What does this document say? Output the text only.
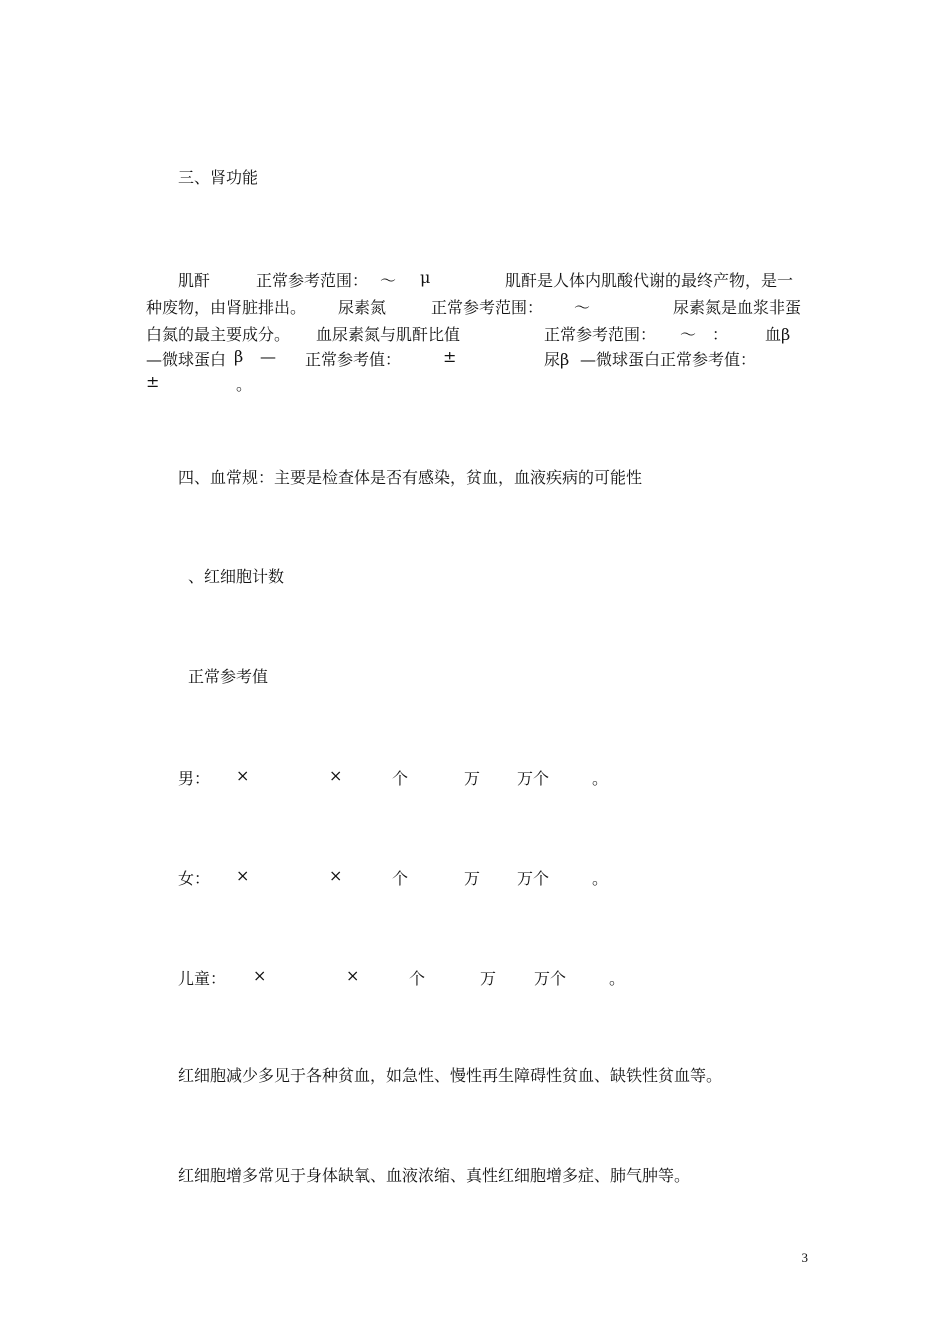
三、肾功能
肌酐	正常参考范围： ～ μ	肌酐是人体内肌酸代谢的最终产物，是一
种废物，由肾脏排出。 尿素氮	正常参考范围： ～	尿素氮是血浆非蛋
白氮的最主要成分。 血尿素氮与肌酐比值	正常参考范围： ～ ： 血β
—微球蛋白 β — 正常参考值：	±	尿β —微球蛋白正常参考值：
±	。
四、血常规：主要是检查体是否有感染，贫血，血液疾病的可能性
、红细胞计数
正常参考值
男： ×	×	个	万 万个	。
女： ×	×	个	万 万个	。
儿童： ×	×	个	万 万个	。
红细胞减少多见于各种贫血，如急性、慢性再生障碍性贫血、缺铁性贫血等。
红细胞增多常见于身体缺氧、血液浓缩、真性红细胞增多症、肺气肿等。
3
